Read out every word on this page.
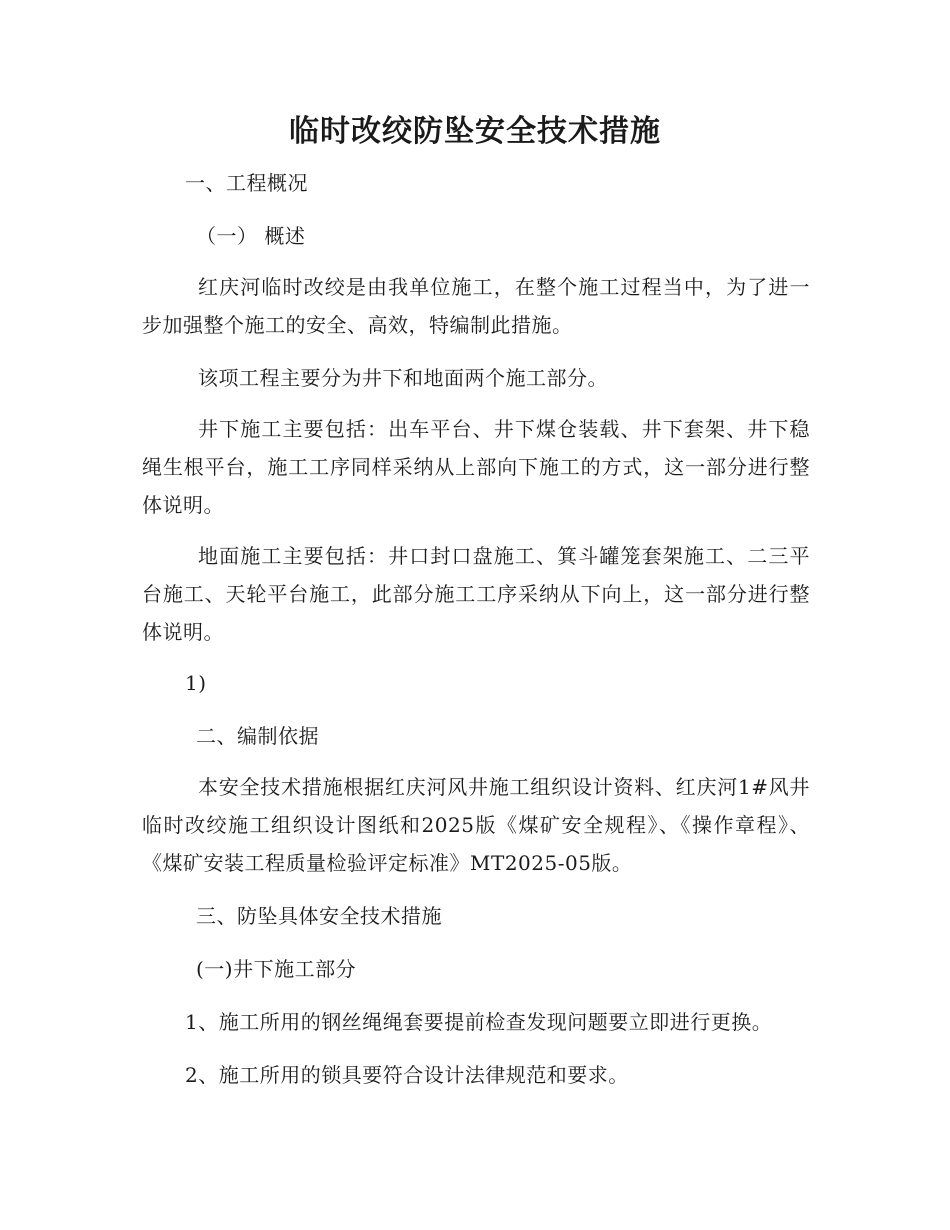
临时改绞防坠安全技术措施
一、工程概况
（一） 概述
红庆河临时改绞是由我单位施工，在整个施工过程当中，为了进一步加强整个施工的安全、高效，特编制此措施。
该项工程主要分为井下和地面两个施工部分。
井下施工主要包括：出车平台、井下煤仓装载、井下套架、井下稳绳生根平台，施工工序同样采纳从上部向下施工的方式，这一部分进行整体说明。
地面施工主要包括：井口封口盘施工、箕斗罐笼套架施工、二三平台施工、天轮平台施工，此部分施工工序采纳从下向上，这一部分进行整体说明。
1)
二、编制依据
本安全技术措施根据红庆河风井施工组织设计资料、红庆河1#风井临时改绞施工组织设计图纸和2025版《煤矿安全规程》、《操作章程》、《煤矿安装工程质量检验评定标准》MT2025-05版。
三、防坠具体安全技术措施
(一)井下施工部分
1、施工所用的钢丝绳绳套要提前检查发现问题要立即进行更换。
2、施工所用的锁具要符合设计法律规范和要求。
